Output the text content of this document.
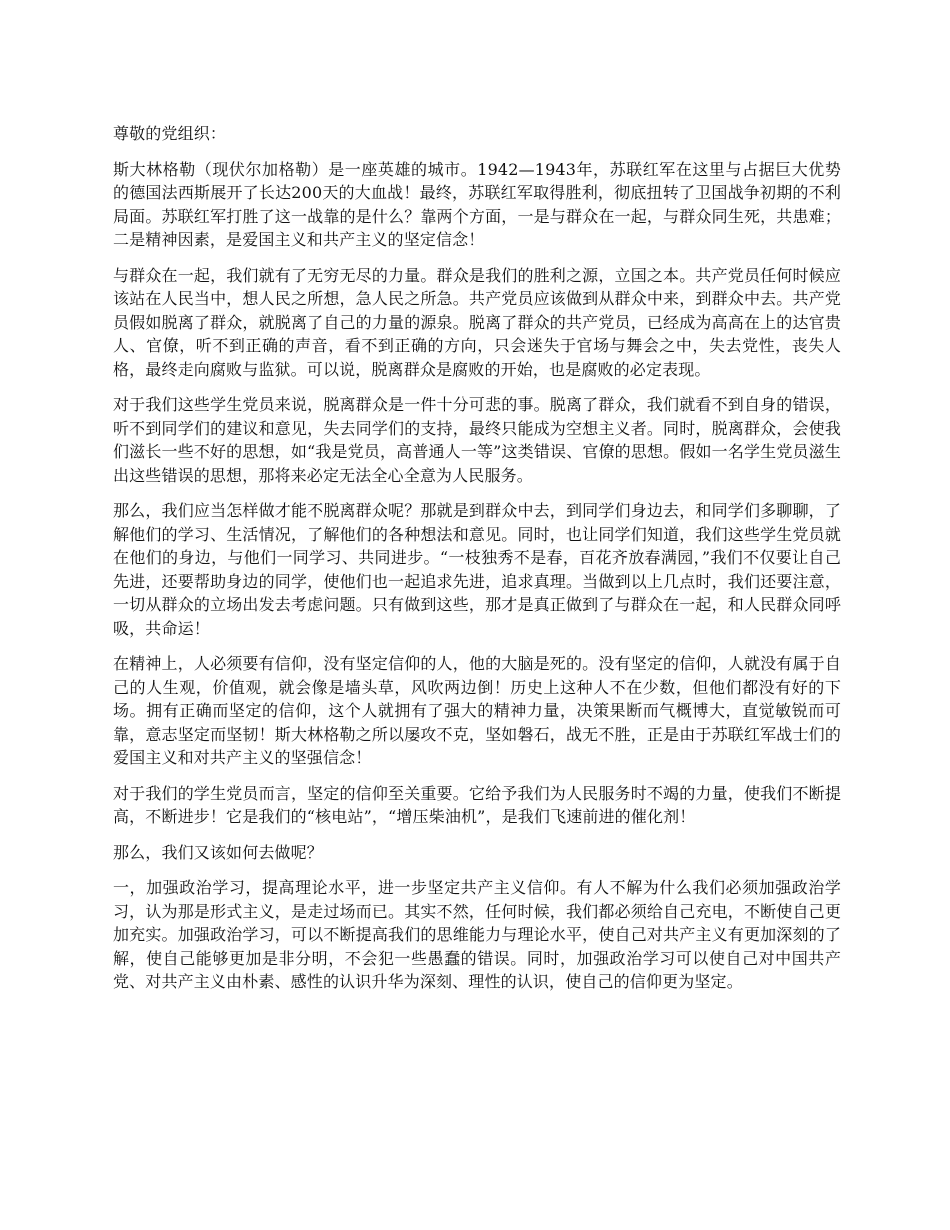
尊敬的党组织：

斯大林格勒（现伏尔加格勒）是一座英雄的城市。1942—1943年，苏联红军在这里与占据巨大优势的德国法西斯展开了长达200天的大血战！最终，苏联红军取得胜利，彻底扭转了卫国战争初期的不利局面。苏联红军打胜了这一战靠的是什么？靠两个方面，一是与群众在一起，与群众同生死，共患难；二是精神因素，是爱国主义和共产主义的坚定信念！

与群众在一起，我们就有了无穷无尽的力量。群众是我们的胜利之源，立国之本。共产党员任何时候应该站在人民当中，想人民之所想，急人民之所急。共产党员应该做到从群众中来，到群众中去。共产党员假如脱离了群众，就脱离了自己的力量的源泉。脱离了群众的共产党员，已经成为高高在上的达官贵人、官僚，听不到正确的声音，看不到正确的方向，只会迷失于官场与舞会之中，失去党性，丧失人格，最终走向腐败与监狱。可以说，脱离群众是腐败的开始，也是腐败的必定表现。

对于我们这些学生党员来说，脱离群众是一件十分可悲的事。脱离了群众，我们就看不到自身的错误，听不到同学们的建议和意见，失去同学们的支持，最终只能成为空想主义者。同时，脱离群众，会使我们滋长一些不好的思想，如“我是党员，高普通人一等”这类错误、官僚的思想。假如一名学生党员滋生出这些错误的思想，那将来必定无法全心全意为人民服务。

那么，我们应当怎样做才能不脱离群众呢？那就是到群众中去，到同学们身边去，和同学们多聊聊，了解他们的学习、生活情况，了解他们的各种想法和意见。同时，也让同学们知道，我们这些学生党员就在他们的身边，与他们一同学习、共同进步。“一枝独秀不是春，百花齐放春满园，”我们不仅要让自己先进，还要帮助身边的同学，使他们也一起追求先进，追求真理。当做到以上几点时，我们还要注意，一切从群众的立场出发去考虑问题。只有做到这些，那才是真正做到了与群众在一起，和人民群众同呼吸，共命运！

在精神上，人必须要有信仰，没有坚定信仰的人，他的大脑是死的。没有坚定的信仰，人就没有属于自己的人生观，价值观，就会像是墙头草，风吹两边倒！历史上这种人不在少数，但他们都没有好的下场。拥有正确而坚定的信仰，这个人就拥有了强大的精神力量，决策果断而气概博大，直觉敏锐而可靠，意志坚定而坚韧！斯大林格勒之所以屡攻不克，坚如磐石，战无不胜，正是由于苏联红军战士们的爱国主义和对共产主义的坚强信念！

对于我们的学生党员而言，坚定的信仰至关重要。它给予我们为人民服务时不竭的力量，使我们不断提高，不断进步！它是我们的“核电站”，“增压柴油机”，是我们飞速前进的催化剂！

那么，我们又该如何去做呢？

一，加强政治学习，提高理论水平，进一步坚定共产主义信仰。有人不解为什么我们必须加强政治学习，认为那是形式主义，是走过场而已。其实不然，任何时候，我们都必须给自己充电，不断使自己更加充实。加强政治学习，可以不断提高我们的思维能力与理论水平，使自己对共产主义有更加深刻的了解，使自己能够更加是非分明，不会犯一些愚蠢的错误。同时，加强政治学习可以使自己对中国共产党、对共产主义由朴素、感性的认识升华为深刻、理性的认识，使自己的信仰更为坚定。
